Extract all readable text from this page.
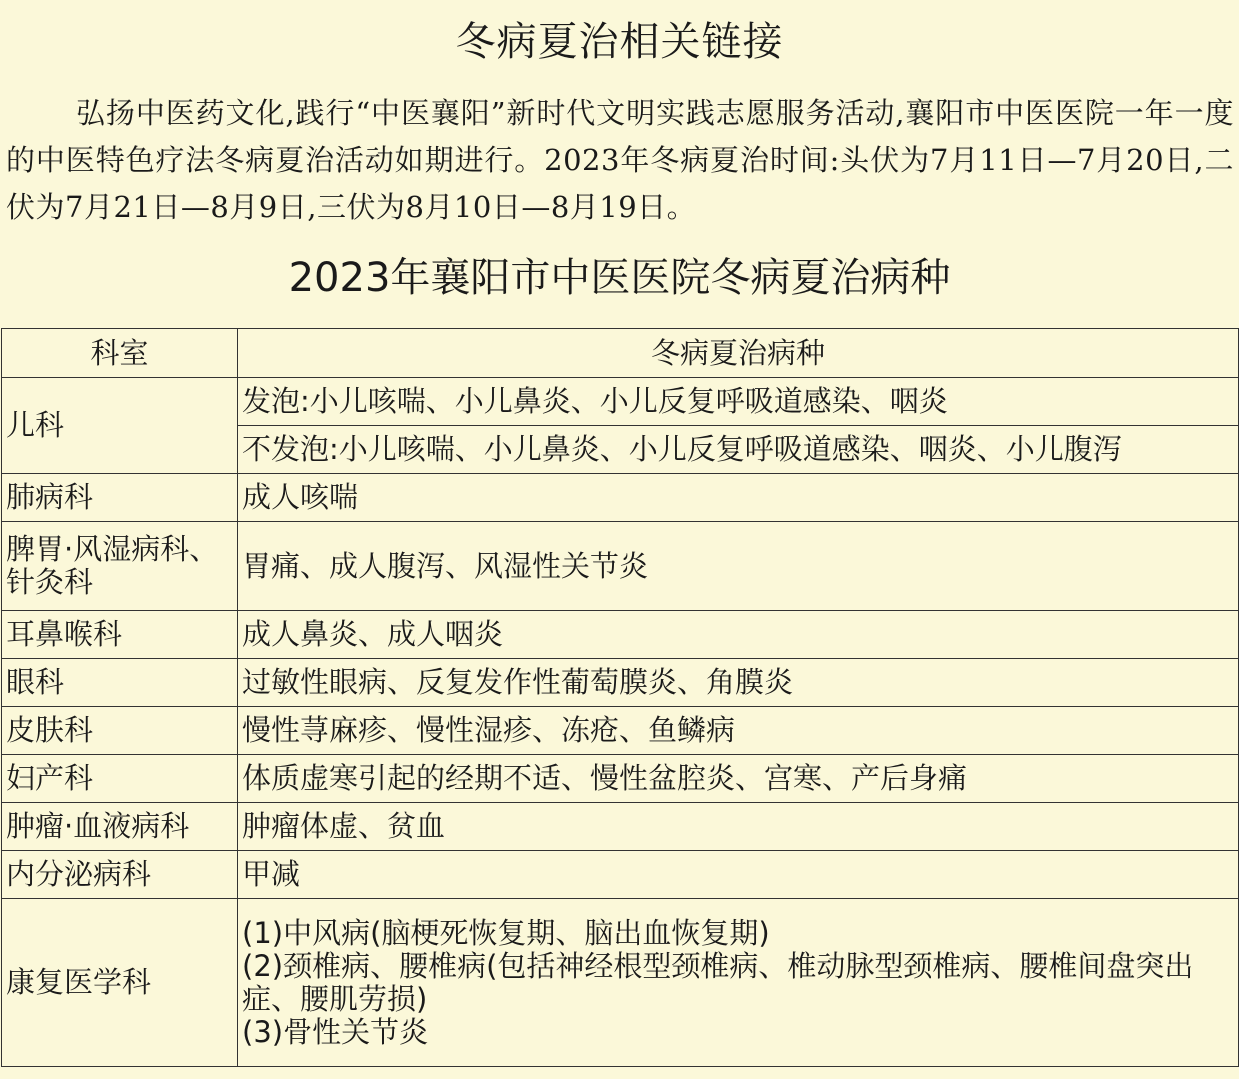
冬病夏治相关链接
弘扬中医药文化,践行“中医襄阳”新时代文明实践志愿服务活动,襄阳市中医医院一年一度的中医特色疗法冬病夏治活动如期进行。2023年冬病夏治时间:头伏为7月11日—7月20日,二伏为7月21日—8月9日,三伏为8月10日—8月19日。
2023年襄阳市中医医院冬病夏治病种
科室	冬病夏治病种
儿科	发泡:小儿咳喘、小儿鼻炎、小儿反复呼吸道感染、咽炎
	不发泡:小儿咳喘、小儿鼻炎、小儿反复呼吸道感染、咽炎、小儿腹泻
肺病科	成人咳喘
脾胃·风湿病科、针灸科	胃痛、成人腹泻、风湿性关节炎
耳鼻喉科	成人鼻炎、成人咽炎
眼科	过敏性眼病、反复发作性葡萄膜炎、角膜炎
皮肤科	慢性荨麻疹、慢性湿疹、冻疮、鱼鳞病
妇产科	体质虚寒引起的经期不适、慢性盆腔炎、宫寒、产后身痛
肿瘤·血液病科	肿瘤体虚、贫血
内分泌病科	甲减
康复医学科	(1)中风病(脑梗死恢复期、脑出血恢复期)
(2)颈椎病、腰椎病(包括神经根型颈椎病、椎动脉型颈椎病、腰椎间盘突出症、腰肌劳损)
(3)骨性关节炎
